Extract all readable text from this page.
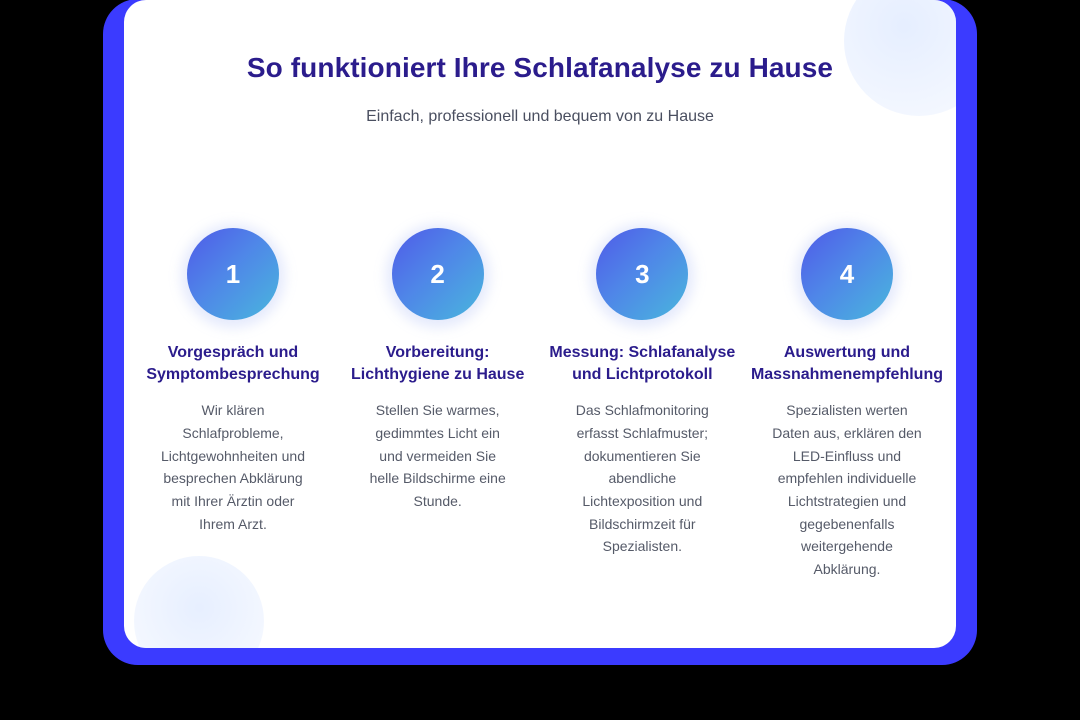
So funktioniert Ihre Schlafanalyse zu Hause
Einfach, professionell und bequem von zu Hause
1
Vorgespräch und Symptombesprechung
Wir klären Schlafprobleme, Lichtgewohnheiten und besprechen Abklärung mit Ihrer Ärztin oder Ihrem Arzt.
2
Vorbereitung: Lichthygiene zu Hause
Stellen Sie warmes, gedimmtes Licht ein und vermeiden Sie helle Bildschirme eine Stunde.
3
Messung: Schlafanalyse und Lichtprotokoll
Das Schlafmonitoring erfasst Schlafmuster; dokumentieren Sie abendliche Lichtexposition und Bildschirmzeit für Spezialisten.
4
Auswertung und Massnahmenempfehlung
Spezialisten werten Daten aus, erklären den LED-Einfluss und empfehlen individuelle Lichtstrategien und gegebenenfalls weitergehende Abklärung.
